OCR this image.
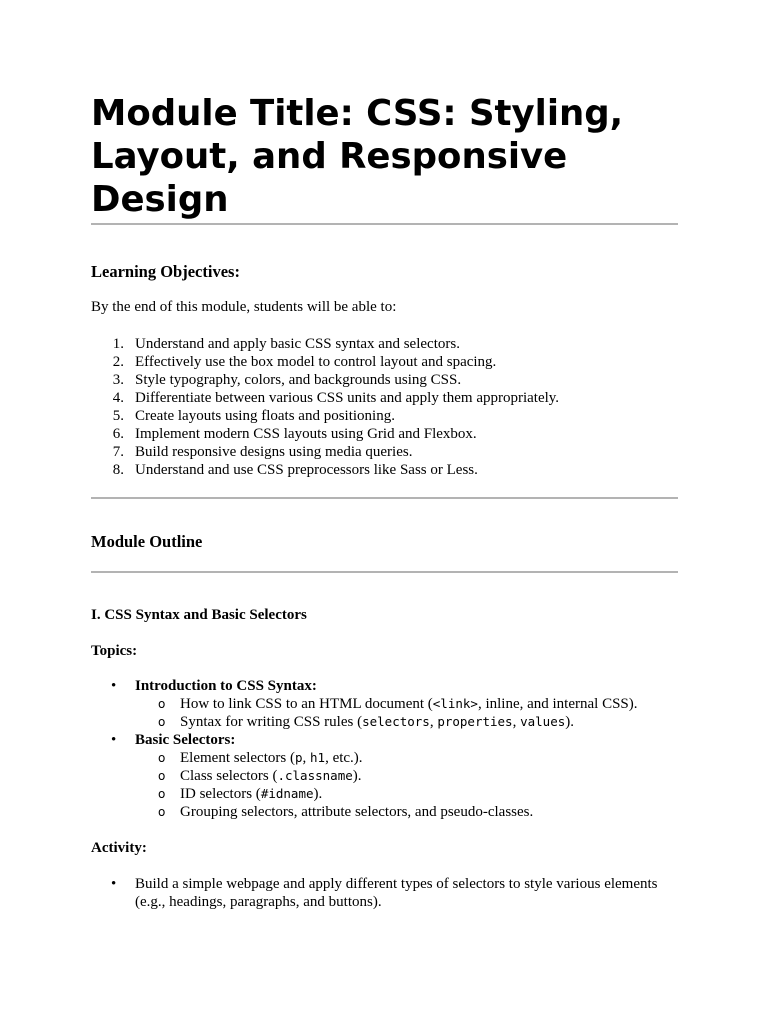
Module Title: CSS: Styling, Layout, and Responsive Design
Learning Objectives:

By the end of this module, students will be able to:

1. Understand and apply basic CSS syntax and selectors.
2. Effectively use the box model to control layout and spacing.
3. Style typography, colors, and backgrounds using CSS.
4. Differentiate between various CSS units and apply them appropriately.
5. Create layouts using floats and positioning.
6. Implement modern CSS layouts using Grid and Flexbox.
7. Build responsive designs using media queries.
8. Understand and use CSS preprocessors like Sass or Less.
Module Outline
I. CSS Syntax and Basic Selectors
Topics:
• Introduction to CSS Syntax:
o How to link CSS to an HTML document (<link>, inline, and internal CSS).
o Syntax for writing CSS rules (selectors, properties, values).
• Basic Selectors:
o Element selectors (p, h1, etc.).
o Class selectors (.classname).
o ID selectors (#idname).
o Grouping selectors, attribute selectors, and pseudo-classes.
Activity:
• Build a simple webpage and apply different types of selectors to style various elements (e.g., headings, paragraphs, and buttons).
